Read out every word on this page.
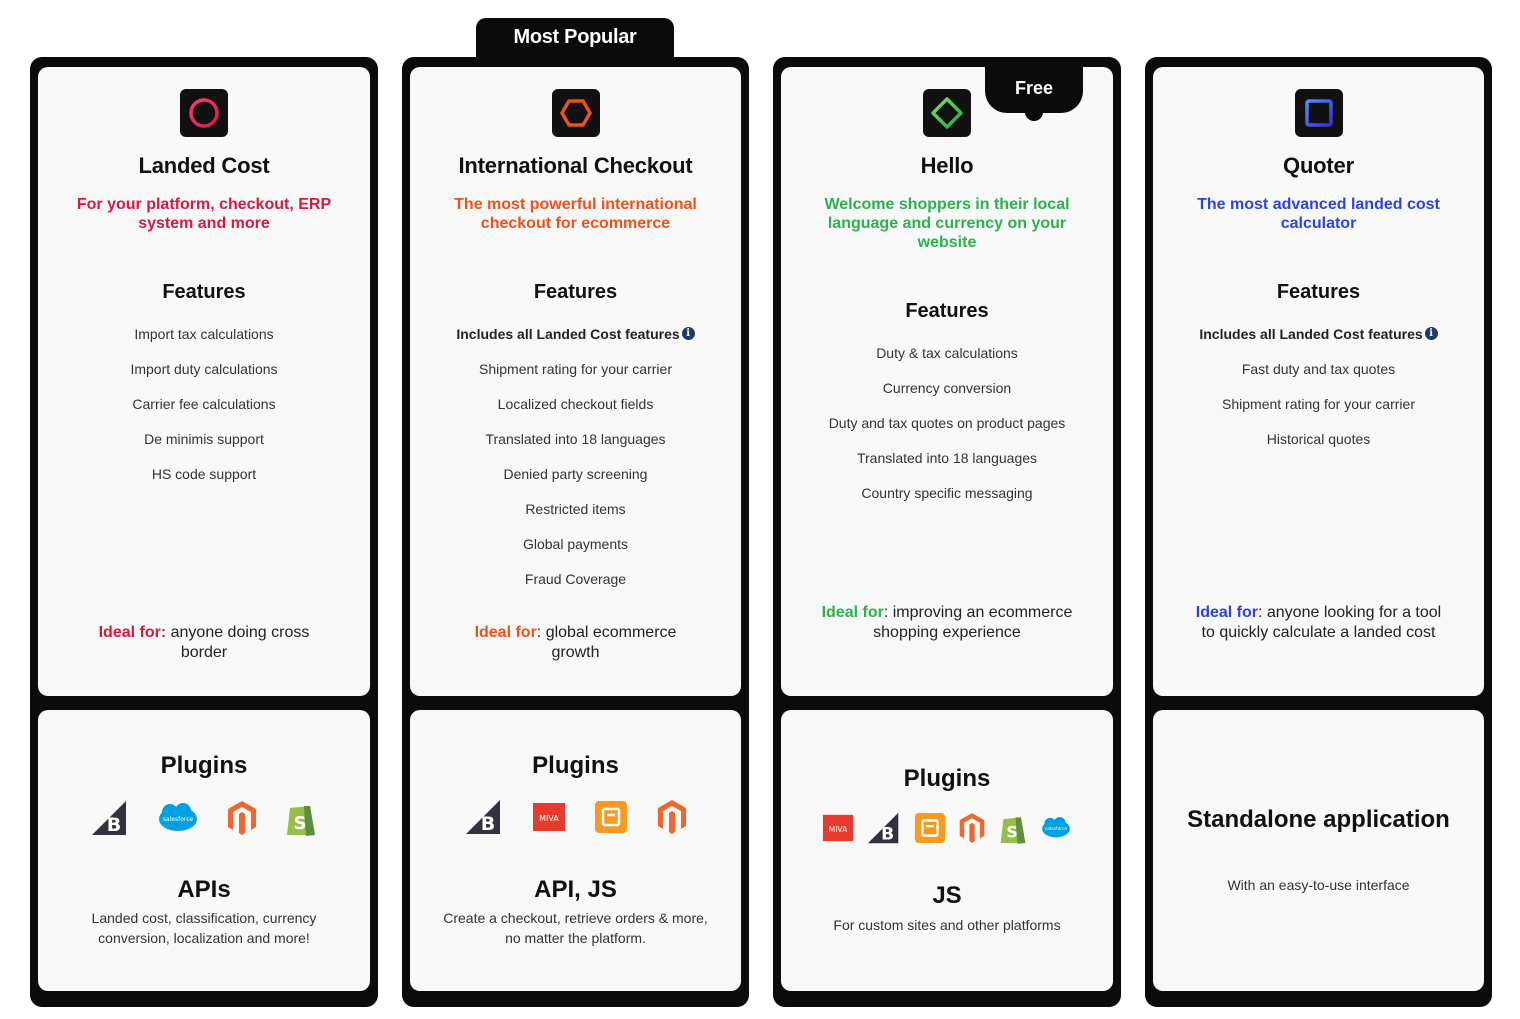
Most Popular
Landed Cost
For your platform, checkout, ERP system and more
Features
Import tax calculations
Import duty calculations
Carrier fee calculations
De minimis support
HS code support
Ideal for: anyone doing cross border
Plugins
B	salesforce	S
APIs
Landed cost, classification, currency conversion, localization and more!
International Checkout
The most powerful international checkout for ecommerce
Features
Includes all Landed Cost features i
Shipment rating for your carrier
Localized checkout fields
Translated into 18 languages
Denied party screening
Restricted items
Global payments
Fraud Coverage
Ideal for: global ecommerce growth
Plugins
B	MIVA
API, JS
Create a checkout, retrieve orders & more, no matter the platform.
Free
Hello
Welcome shoppers in their local language and currency on your website
Features
Duty & tax calculations
Currency conversion
Duty and tax quotes on product pages
Translated into 18 languages
Country specific messaging
Ideal for: improving an ecommerce shopping experience
Plugins
MIVA B	S	salesforce
JS
For custom sites and other platforms
Quoter
The most advanced landed cost calculator
Features
Includes all Landed Cost features i
Fast duty and tax quotes
Shipment rating for your carrier
Historical quotes
Ideal for: anyone looking for a tool to quickly calculate a landed cost
Standalone application
With an easy-to-use interface
